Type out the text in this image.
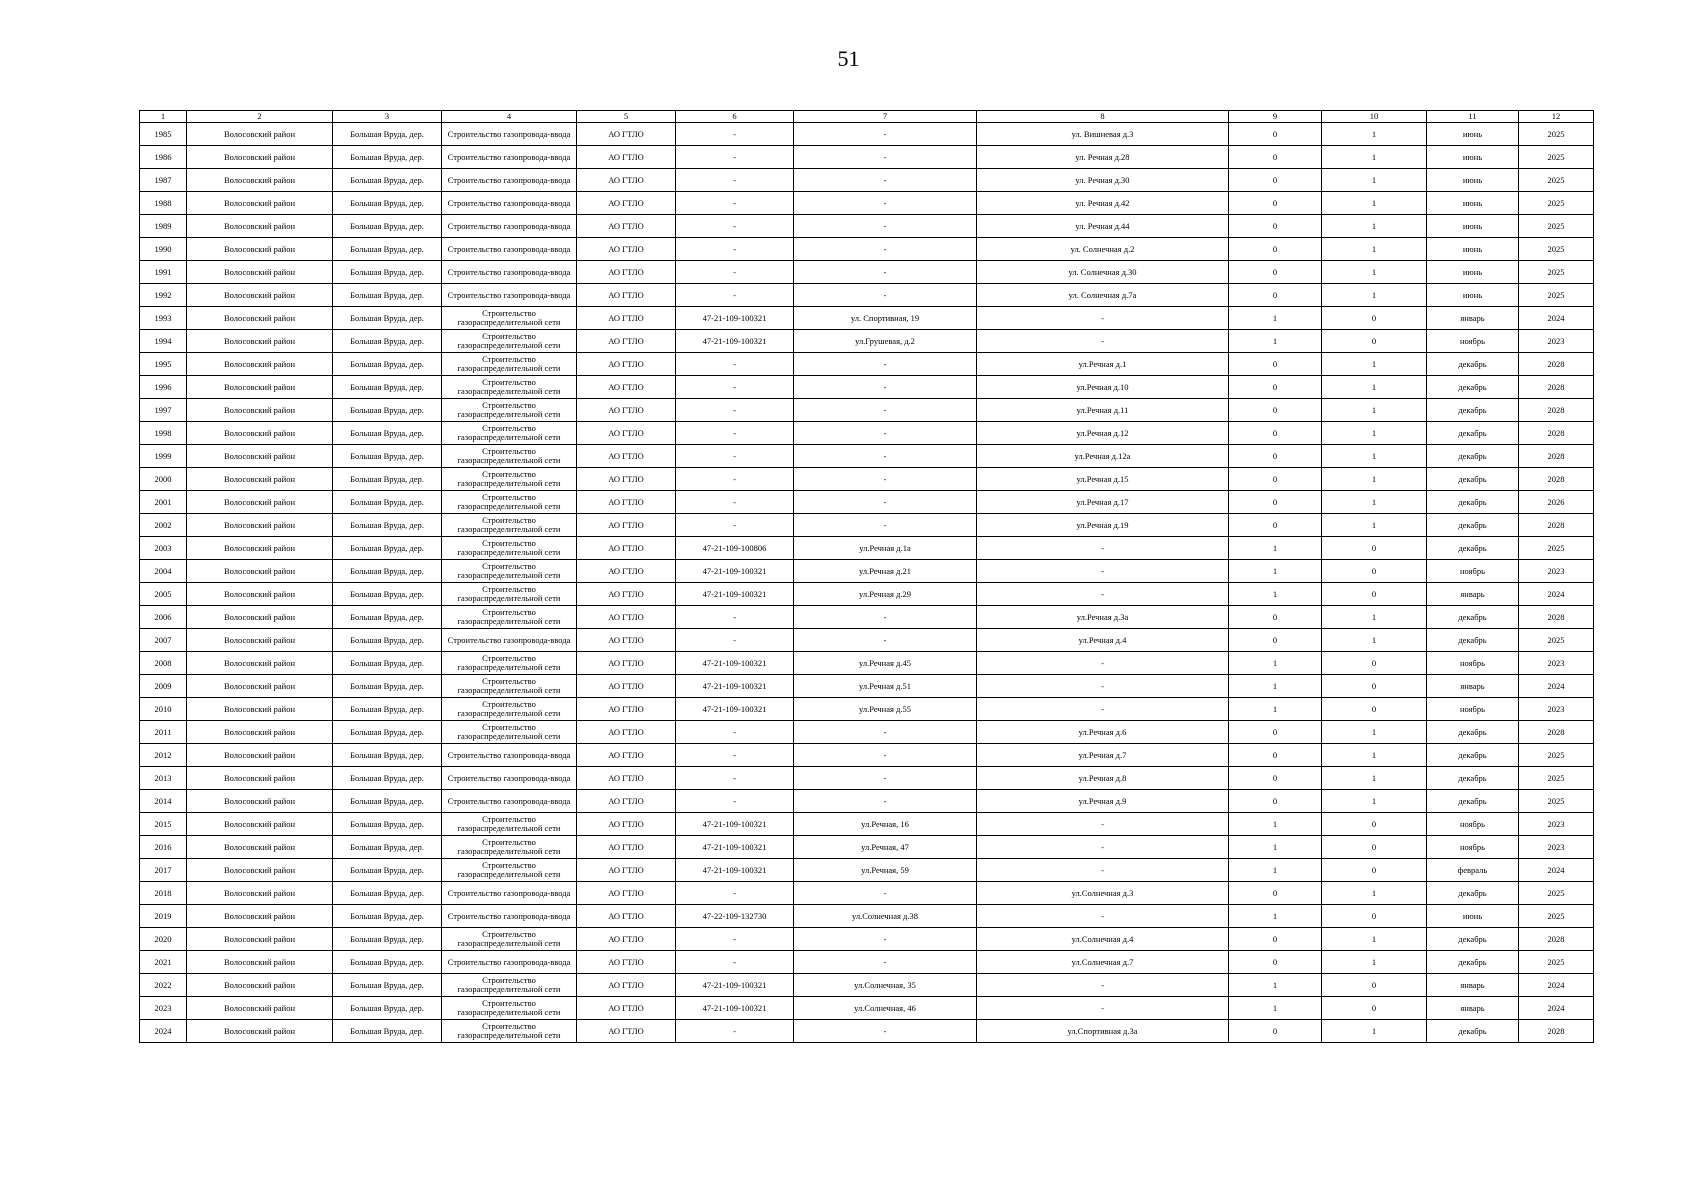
51
1	2	3	4	5	6	7	8	9	10	11	12
1985	Волосовский район	Большая Вруда, дер.	Строительство газопровода-ввода	АО ГТЛО	-	-	ул. Вишневая д.3	0	1	июнь	2025
1986	Волосовский район	Большая Вруда, дер.	Строительство газопровода-ввода	АО ГТЛО	-	-	ул. Речная д.28	0	1	июнь	2025
1987	Волосовский район	Большая Вруда, дер.	Строительство газопровода-ввода	АО ГТЛО	-	-	ул. Речная д.30	0	1	июнь	2025
1988	Волосовский район	Большая Вруда, дер.	Строительство газопровода-ввода	АО ГТЛО	-	-	ул. Речная д.42	0	1	июнь	2025
1989	Волосовский район	Большая Вруда, дер.	Строительство газопровода-ввода	АО ГТЛО	-	-	ул. Речная д.44	0	1	июнь	2025
1990	Волосовский район	Большая Вруда, дер.	Строительство газопровода-ввода	АО ГТЛО	-	-	ул. Солнечная д.2	0	1	июнь	2025
1991	Волосовский район	Большая Вруда, дер.	Строительство газопровода-ввода	АО ГТЛО	-	-	ул. Солнечная д.30	0	1	июнь	2025
1992	Волосовский район	Большая Вруда, дер.	Строительство газопровода-ввода	АО ГТЛО	-	-	ул. Солнечная д.7а	0	1	июнь	2025
1993	Волосовский район	Большая Вруда, дер.	Строительство газораспределительной сети	АО ГТЛО	47-21-109-100321	ул. Спортивная, 19	-	1	0	январь	2024
1994	Волосовский район	Большая Вруда, дер.	Строительство газораспределительной сети	АО ГТЛО	47-21-109-100321	ул.Грушевая, д.2	-	1	0	ноябрь	2023
1995	Волосовский район	Большая Вруда, дер.	Строительство газораспределительной сети	АО ГТЛО	-	-	ул.Речная д.1	0	1	декабрь	2028
1996	Волосовский район	Большая Вруда, дер.	Строительство газораспределительной сети	АО ГТЛО	-	-	ул.Речная д.10	0	1	декабрь	2028
1997	Волосовский район	Большая Вруда, дер.	Строительство газораспределительной сети	АО ГТЛО	-	-	ул.Речная д.11	0	1	декабрь	2028
1998	Волосовский район	Большая Вруда, дер.	Строительство газораспределительной сети	АО ГТЛО	-	-	ул.Речная д.12	0	1	декабрь	2028
1999	Волосовский район	Большая Вруда, дер.	Строительство газораспределительной сети	АО ГТЛО	-	-	ул.Речная д.12а	0	1	декабрь	2028
2000	Волосовский район	Большая Вруда, дер.	Строительство газораспределительной сети	АО ГТЛО	-	-	ул.Речная д.15	0	1	декабрь	2028
2001	Волосовский район	Большая Вруда, дер.	Строительство газораспределительной сети	АО ГТЛО	-	-	ул.Речная д.17	0	1	декабрь	2026
2002	Волосовский район	Большая Вруда, дер.	Строительство газораспределительной сети	АО ГТЛО	-	-	ул.Речная д.19	0	1	декабрь	2028
2003	Волосовский район	Большая Вруда, дер.	Строительство газораспределительной сети	АО ГТЛО	47-21-109-100806	ул.Речная д.1а	-	1	0	декабрь	2025
2004	Волосовский район	Большая Вруда, дер.	Строительство газораспределительной сети	АО ГТЛО	47-21-109-100321	ул.Речная д.21	-	1	0	ноябрь	2023
2005	Волосовский район	Большая Вруда, дер.	Строительство газораспределительной сети	АО ГТЛО	47-21-109-100321	ул.Речная д.29	-	1	0	январь	2024
2006	Волосовский район	Большая Вруда, дер.	Строительство газораспределительной сети	АО ГТЛО	-	-	ул.Речная д.3а	0	1	декабрь	2028
2007	Волосовский район	Большая Вруда, дер.	Строительство газопровода-ввода	АО ГТЛО	-	-	ул.Речная д.4	0	1	декабрь	2025
2008	Волосовский район	Большая Вруда, дер.	Строительство газораспределительной сети	АО ГТЛО	47-21-109-100321	ул.Речная д.45	-	1	0	ноябрь	2023
2009	Волосовский район	Большая Вруда, дер.	Строительство газораспределительной сети	АО ГТЛО	47-21-109-100321	ул.Речная д.51	-	1	0	январь	2024
2010	Волосовский район	Большая Вруда, дер.	Строительство газораспределительной сети	АО ГТЛО	47-21-109-100321	ул.Речная д.55	-	1	0	ноябрь	2023
2011	Волосовский район	Большая Вруда, дер.	Строительство газораспределительной сети	АО ГТЛО	-	-	ул.Речная д.6	0	1	декабрь	2028
2012	Волосовский район	Большая Вруда, дер.	Строительство газопровода-ввода	АО ГТЛО	-	-	ул.Речная д.7	0	1	декабрь	2025
2013	Волосовский район	Большая Вруда, дер.	Строительство газопровода-ввода	АО ГТЛО	-	-	ул.Речная д.8	0	1	декабрь	2025
2014	Волосовский район	Большая Вруда, дер.	Строительство газопровода-ввода	АО ГТЛО	-	-	ул.Речная д.9	0	1	декабрь	2025
2015	Волосовский район	Большая Вруда, дер.	Строительство газораспределительной сети	АО ГТЛО	47-21-109-100321	ул.Речная, 16	-	1	0	ноябрь	2023
2016	Волосовский район	Большая Вруда, дер.	Строительство газораспределительной сети	АО ГТЛО	47-21-109-100321	ул.Речная, 47	-	1	0	ноябрь	2023
2017	Волосовский район	Большая Вруда, дер.	Строительство газораспределительной сети	АО ГТЛО	47-21-109-100321	ул.Речная, 59	-	1	0	февраль	2024
2018	Волосовский район	Большая Вруда, дер.	Строительство газопровода-ввода	АО ГТЛО	-	-	ул.Солнечная д.3	0	1	декабрь	2025
2019	Волосовский район	Большая Вруда, дер.	Строительство газопровода-ввода	АО ГТЛО	47-22-109-132730	ул.Солнечная д.38	-	1	0	июнь	2025
2020	Волосовский район	Большая Вруда, дер.	Строительство газораспределительной сети	АО ГТЛО	-	-	ул.Солнечная д.4	0	1	декабрь	2028
2021	Волосовский район	Большая Вруда, дер.	Строительство газопровода-ввода	АО ГТЛО	-	-	ул.Солнечная д.7	0	1	декабрь	2025
2022	Волосовский район	Большая Вруда, дер.	Строительство газораспределительной сети	АО ГТЛО	47-21-109-100321	ул.Солнечная, 35	-	1	0	январь	2024
2023	Волосовский район	Большая Вруда, дер.	Строительство газораспределительной сети	АО ГТЛО	47-21-109-100321	ул.Солнечная, 46	-	1	0	январь	2024
2024	Волосовский район	Большая Вруда, дер.	Строительство газораспределительной сети	АО ГТЛО	-	-	ул.Спортивная д.3а	0	1	декабрь	2028
